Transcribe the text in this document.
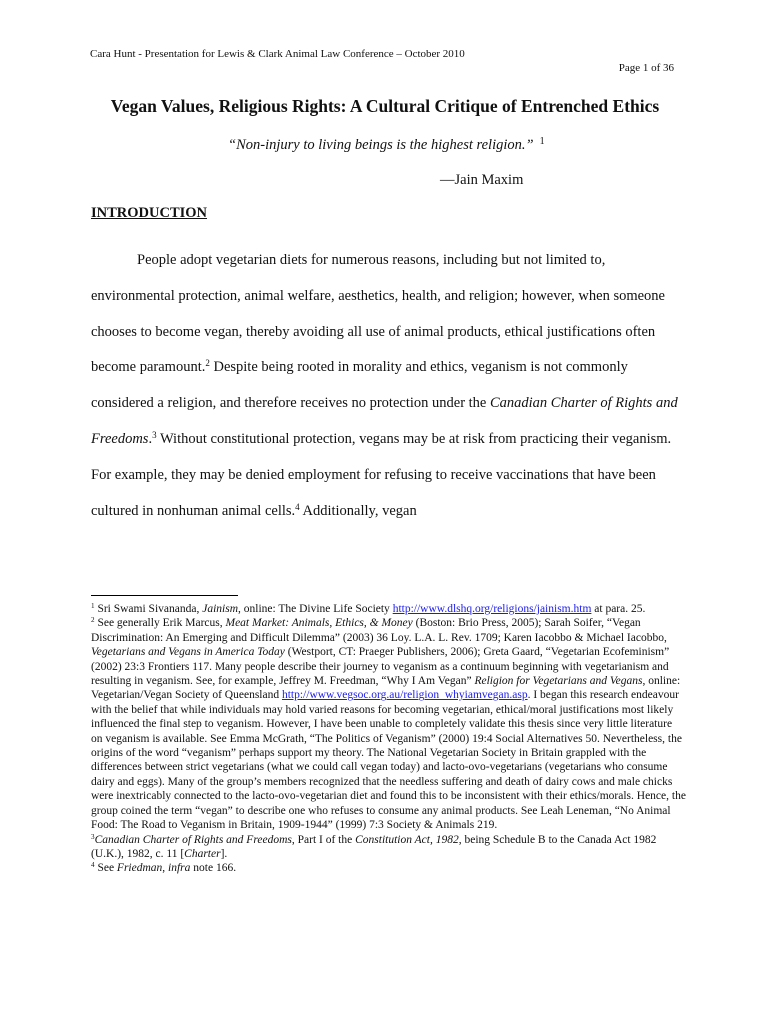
Cara Hunt - Presentation for Lewis & Clark Animal Law Conference – October 2010
Page 1 of 36
Vegan Values, Religious Rights: A Cultural Critique of Entrenched Ethics
“Non-injury to living beings is the highest religion.” $^1$
—Jain Maxim
INTRODUCTION

People adopt vegetarian diets for numerous reasons, including but not limited to, environmental protection, animal welfare, aesthetics, health, and religion; however, when someone chooses to become vegan, thereby avoiding all use of animal products, ethical justifications often become paramount.$^2$ Despite being rooted in morality and ethics, veganism is not commonly considered a religion, and therefore receives no protection under the Canadian Charter of Rights and Freedoms.$^3$ Without constitutional protection, vegans may be at risk from practicing their veganism. For example, they may be denied employment for refusing to receive vaccinations that have been cultured in nonhuman animal cells.$^4$ Additionally, vegan

$^1$ Sri Swami Sivananda, Jainism, online: The Divine Life Society http://www.dlshq.org/religions/jainism.htm at para. 25.

$^2$ See generally Erik Marcus, Meat Market: Animals, Ethics, & Money (Boston: Brio Press, 2005); Sarah Soifer, “Vegan Discrimination: An Emerging and Difficult Dilemma” (2003) 36 Loy. L.A. L. Rev. 1709; Karen Iacobbo & Michael Iacobbo, Vegetarians and Vegans in America Today (Westport, CT: Praeger Publishers, 2006); Greta Gaard, “Vegetarian Ecofeminism” (2002) 23:3 Frontiers 117. Many people describe their journey to veganism as a continuum beginning with vegetarianism and resulting in veganism. See, for example, Jeffrey M. Freedman, “Why I Am Vegan” Religion for Vegetarians and Vegans, online: Vegetarian/Vegan Society of Queensland http://www.vegsoc.org.au/religion_whyiamvegan.asp. I began this research endeavour with the belief that while individuals may hold varied reasons for becoming vegetarian, ethical/moral justifications most likely influenced the final step to veganism. However, I have been unable to completely validate this thesis since very little literature on veganism is available. See Emma McGrath, “The Politics of Veganism” (2000) 19:4 Social Alternatives 50. Nevertheless, the origins of the word “veganism” perhaps support my theory. The National Vegetarian Society in Britain grappled with the differences between strict vegetarians (what we could call vegan today) and lacto-ovo-vegetarians (vegetarians who consume dairy and eggs). Many of the group’s members recognized that the needless suffering and death of dairy cows and male chicks were inextricably connected to the lacto-ovo-vegetarian diet and found this to be inconsistent with their ethics/morals. Hence, the group coined the term “vegan” to describe one who refuses to consume any animal products. See Leah Leneman, “No Animal Food: The Road to Veganism in Britain, 1909-1944” (1999) 7:3 Society & Animals 219.

$^3$Canadian Charter of Rights and Freedoms, Part I of the Constitution Act, 1982, being Schedule B to the Canada Act 1982 (U.K.), 1982, c. 11 [Charter].

$^4$ See Friedman, infra note 166.
